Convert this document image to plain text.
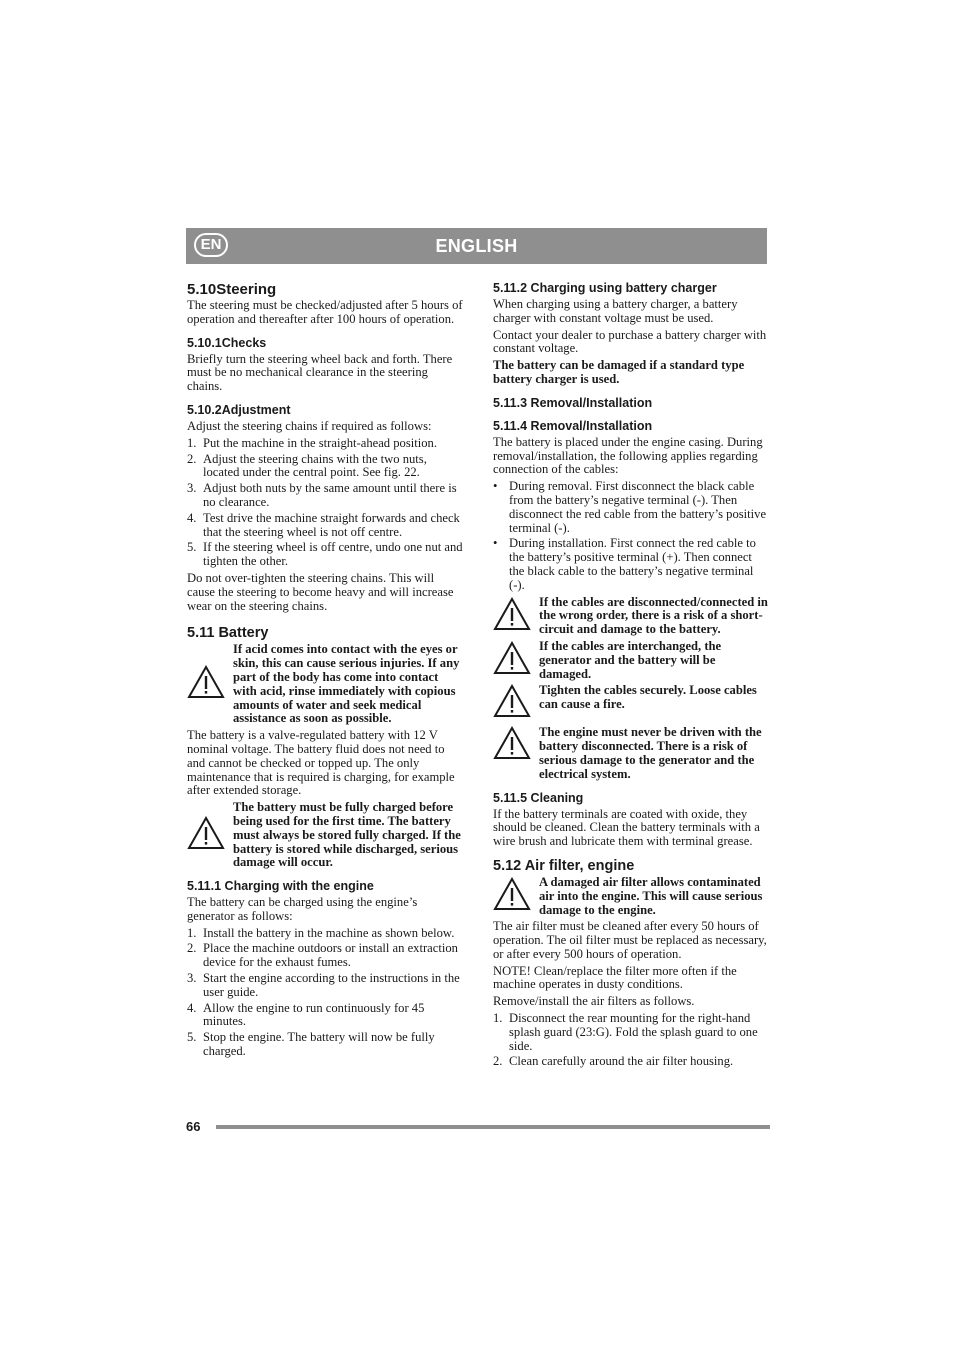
EN	ENGLISH
5.10Steering

The steering must be checked/adjusted after 5 hours of operation and thereafter after 100 hours of operation.

5.10.1Checks

Briefly turn the steering wheel back and forth. There must be no mechanical clearance in the steering chains.

5.10.2Adjustment

Adjust the steering chains if required as follows:

1. Put the machine in the straight-ahead position.
2. Adjust the steering chains with the two nuts, located under the central point. See fig. 22.
3. Adjust both nuts by the same amount until there is no clearance.
4. Test drive the machine straight forwards and check that the steering wheel is not off centre.
5. If the steering wheel is off centre, undo one nut and tighten the other.

Do not over-tighten the steering chains. This will cause the steering to become heavy and will increase wear on the steering chains.

5.11 Battery
If acid comes into contact with the eyes or skin, this can cause serious injuries. If any part of the body has come into contact with acid, rinse immediately with copious amounts of water and seek medical assistance as soon as possible.

The battery is a valve-regulated battery with 12 V nominal voltage. The battery fluid does not need to and cannot be checked or topped up. The only maintenance that is required is charging, for example after extended storage.

The battery must be fully charged before being used for the first time. The battery must always be stored fully charged. If the battery is stored while discharged, serious damage will occur.
5.11.1 Charging with the engine

The battery can be charged using the engine’s generator as follows:

1. Install the battery in the machine as shown below.
2. Place the machine outdoors or install an extraction device for the exhaust fumes.
3. Start the engine according to the instructions in the user guide.
4. Allow the engine to run continuously for 45 minutes.
5. Stop the engine. The battery will now be fully charged.
5.11.2 Charging using battery charger

When charging using a battery charger, a battery charger with constant voltage must be used.

Contact your dealer to purchase a battery charger with constant voltage.

The battery can be damaged if a standard type battery charger is used.

5.11.3 Removal/Installation
5.11.4 Removal/Installation

The battery is placed under the engine casing. During removal/installation, the following applies regarding connection of the cables:

• During removal. First disconnect the black cable from the battery’s negative terminal (-). Then disconnect the red cable from the battery’s positive terminal (-).
• During installation. First connect the red cable to the battery’s positive terminal (+). Then connect the black cable to the battery’s negative terminal (-).
If the cables are disconnected/connected in the wrong order, there is a risk of a short-circuit and damage to the battery.
If the cables are interchanged, the generator and the battery will be damaged.
Tighten the cables securely. Loose cables can cause a fire.
The engine must never be driven with the battery disconnected. There is a risk of serious damage to the generator and the electrical system.
5.11.5 Cleaning

If the battery terminals are coated with oxide, they should be cleaned. Clean the battery terminals with a wire brush and lubricate them with terminal grease.

5.12 Air filter, engine
A damaged air filter allows contaminated air into the engine. This will cause serious damage to the engine.

The air filter must be cleaned after every 50 hours of operation. The oil filter must be replaced as necessary, or after every 500 hours of operation.

NOTE! Clean/replace the filter more often if the machine operates in dusty conditions.

Remove/install the air filters as follows.

1. Disconnect the rear mounting for the right-hand splash guard (23:G). Fold the splash guard to one side.
2. Clean carefully around the air filter housing.
66
